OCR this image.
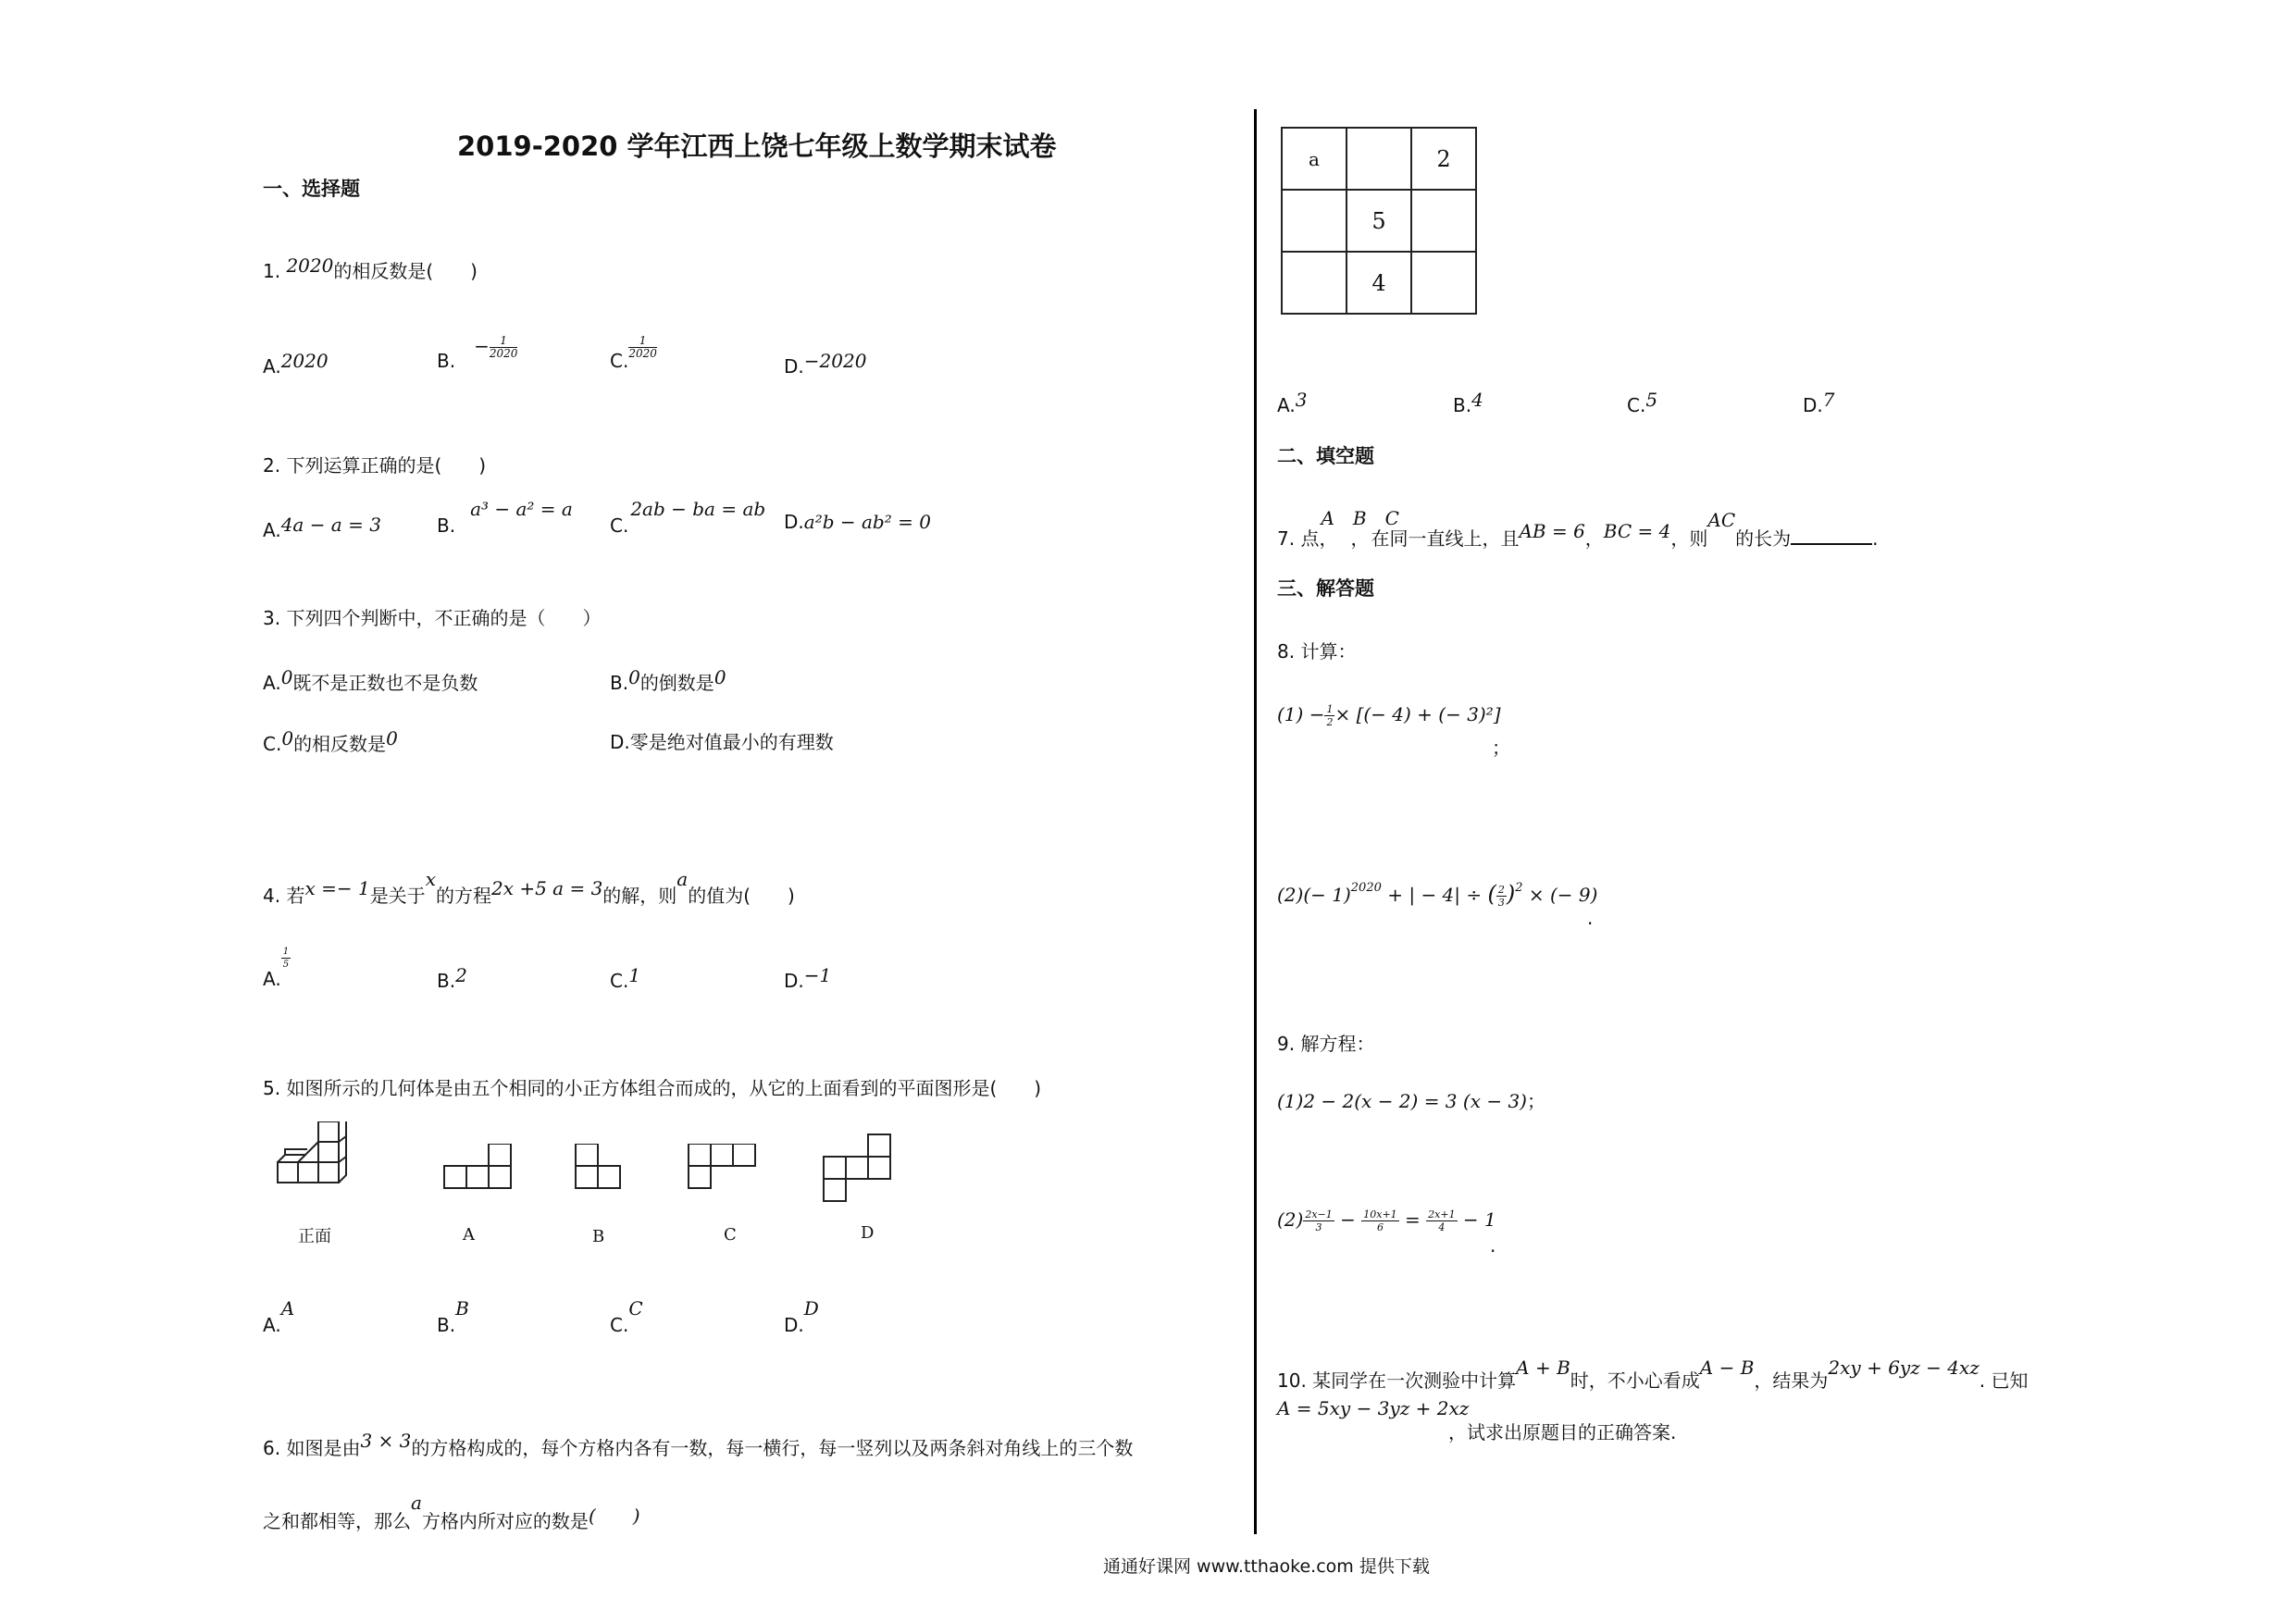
2019-2020 学年江西上饶七年级上数学期末试卷
一、选择题
1. 2020的相反数是(　　)
A.2020	$B.- \frac{1}{2020}$
C.
$\frac{1}{2020}$
D.−2020
2. 下列运算正确的是(　　)
A.4a − a = 3	B.a³ − a² = a
C.2ab − ba = ab
D.a²b − ab² = 0
3. 下列四个判断中，不正确的是（　　）
A.0既不是正数也不是负数	B.0的倒数是0
C.0的相反数是0	D.零是绝对值最小的有理数
4. 若x =− 1是关于x的方程2x +5 a = 3的解，则a的值为(　　)
A.
$\frac{1}{5}$
B.2	C.1	D.−1
5. 如图所示的几何体是由五个相同的小正方体组合而成的，从它的上面看到的平面图形是(　　)
正面	A	B	C	D
A.A
B.B
C.C
D.D
6. 如图是由3 × 3的方格构成的，每个方格内各有一数，每一横行，每一竖列以及两条斜对角线上的三个数
之和都相等，那么a方格内所对应的数是(　　)
a		2
	5	
	4	
A.3	B.4	C.5	D.7
二、填空题
7. 点
A　B　C
，　，在同一直线上，且AB = 6，BC = 4，则AC的长为	.
三、解答题
8. 计算：
$(1) - \frac{1}{2}$ × [(− 4) + (− 3)²]
；
$(2)(- 1)^{2020}$ + | − 4| ÷ ( $\frac{2}{3} )^2$ × (− 9)
.
9. 解方程：
(1)2 − 2(x − 2) = 3 (x − 3)；
$(2) \frac{2x-1}{3} - \frac{10x+1}{6} = \frac{2x+1}{4} - 1$
.
10. 某同学在一次测验中计算A + B时，不小心看成A − B，结果为2xy + 6yz − 4xz. 已知
A = 5xy − 3yz + 2xz
，试求出原题目的正确答案.
通通好课网 www.tthaoke.com 提供下载
